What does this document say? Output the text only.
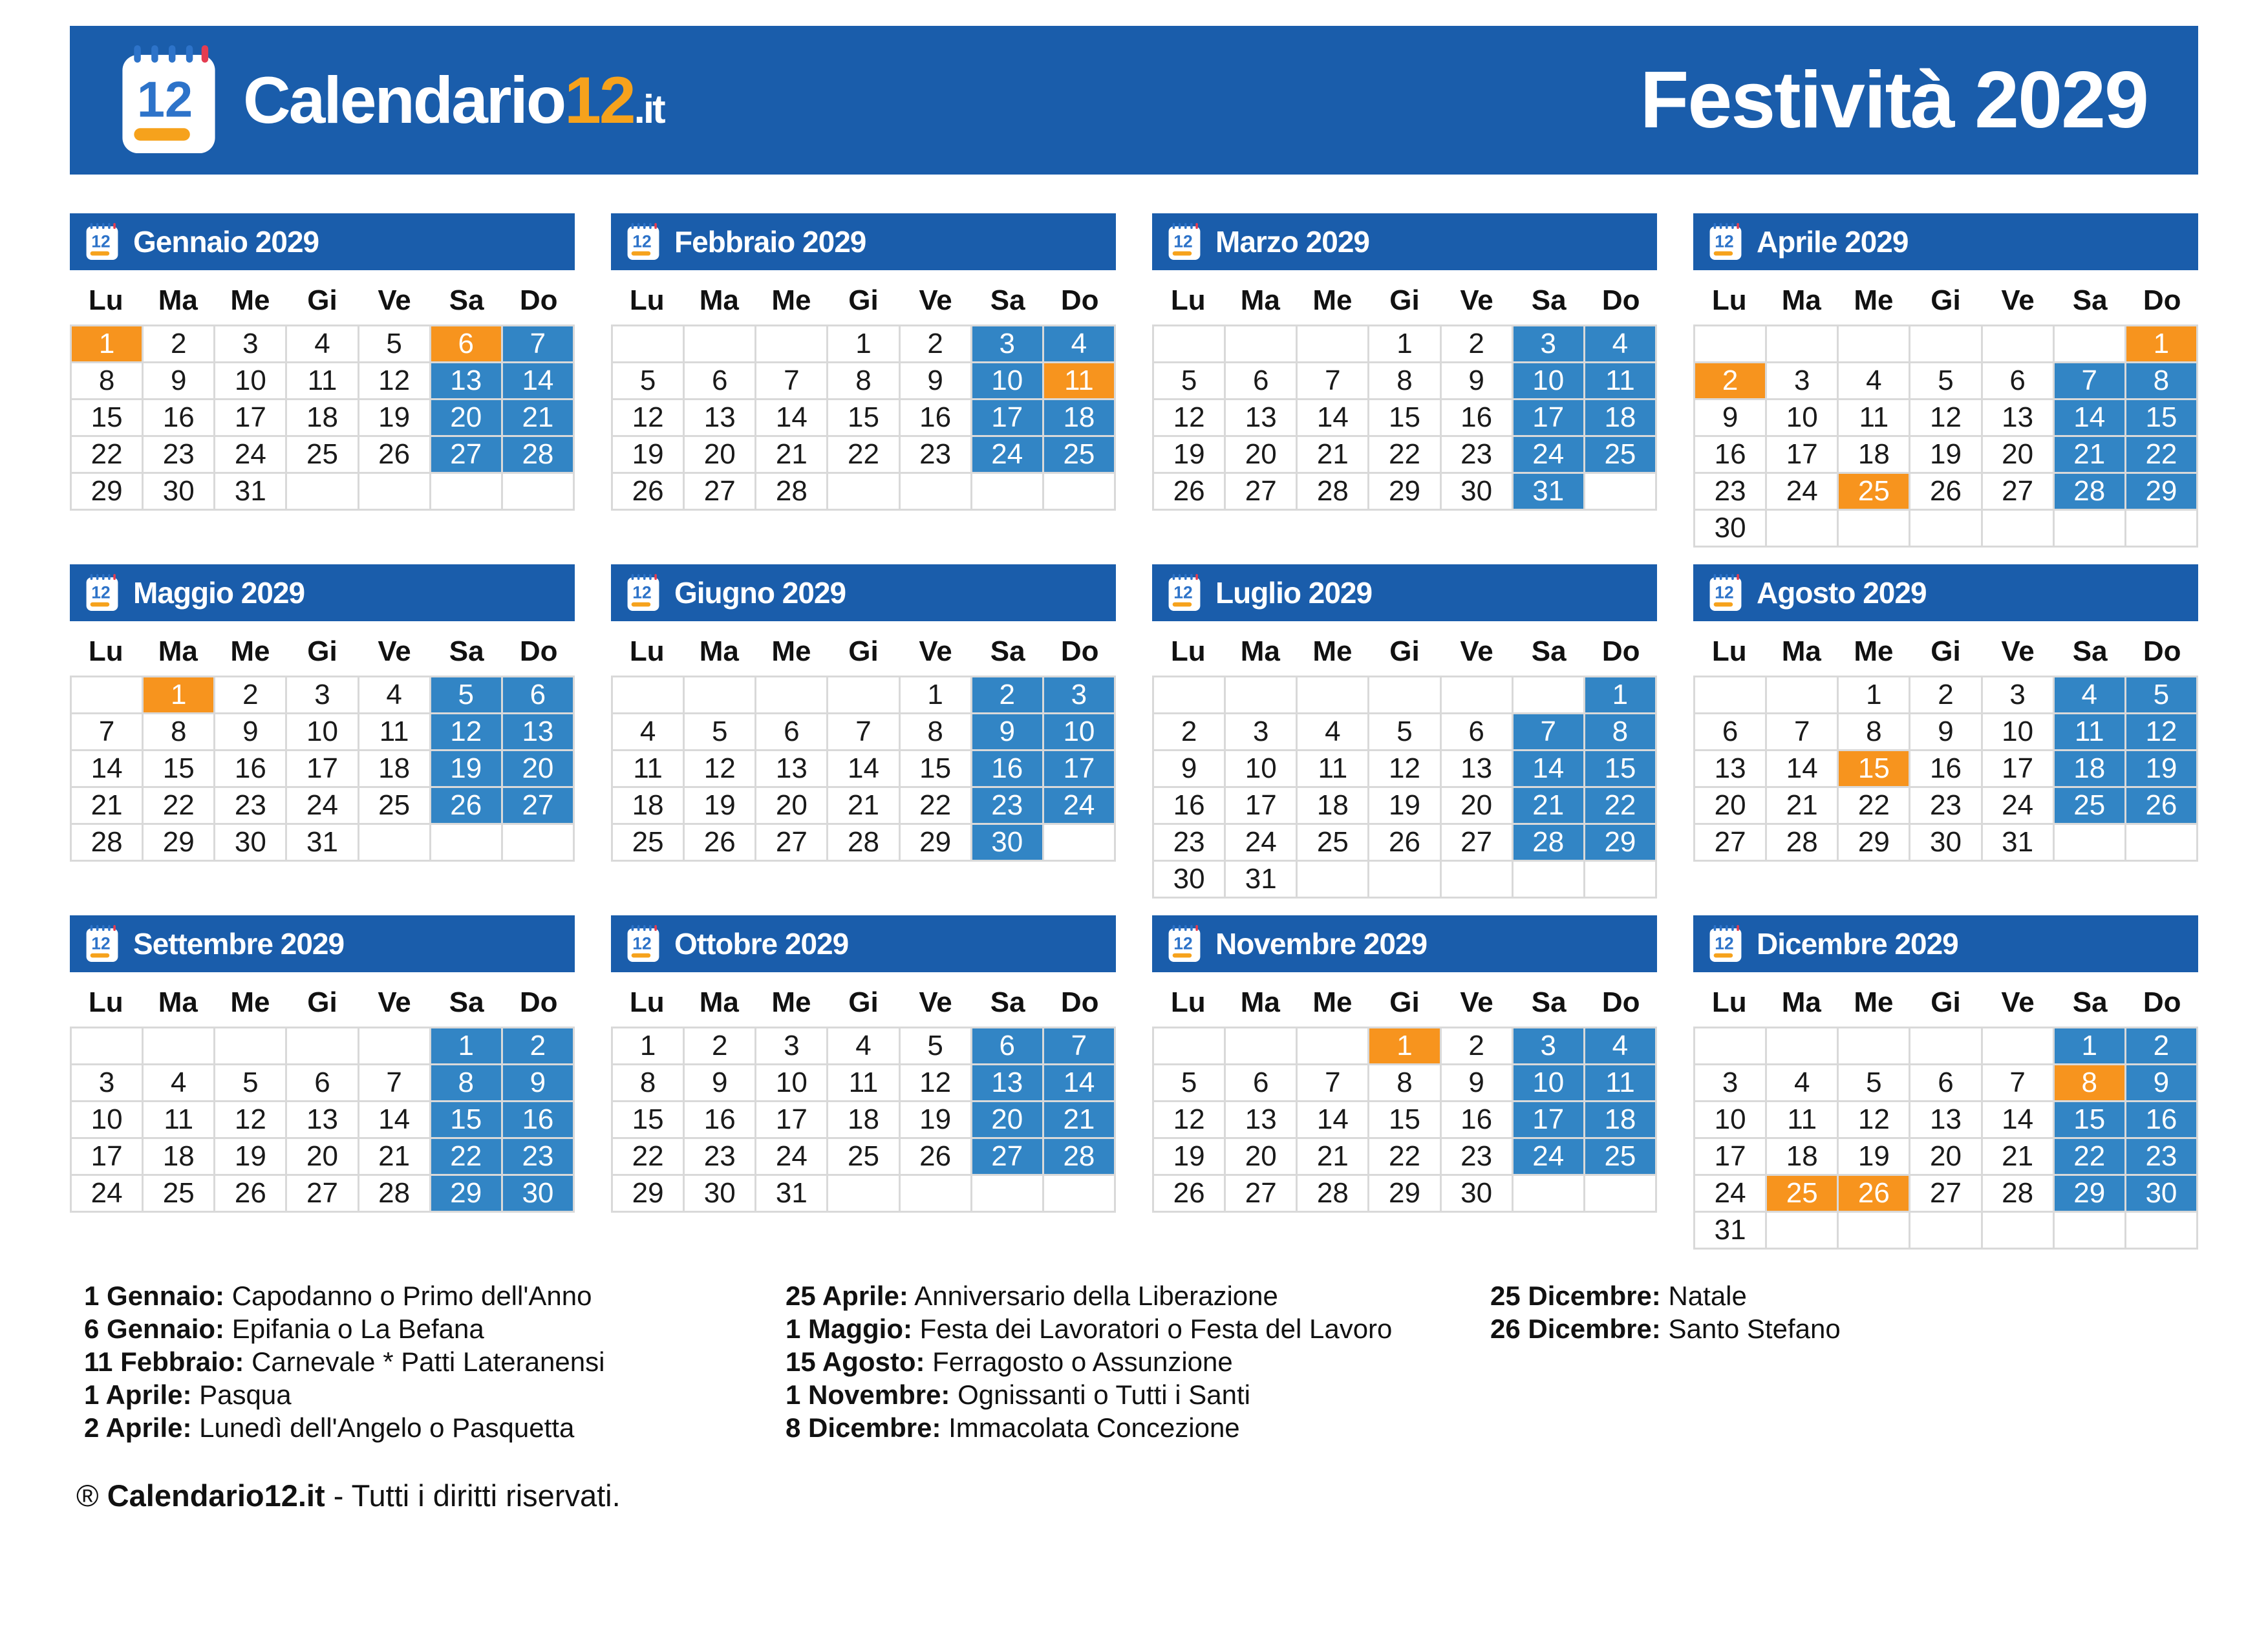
12 Calendario12.it	Festività 2029
12 Gennaio 2029
Lu	Ma	Me	Gi	Ve	Sa	Do
1	2	3	4	5	6	7
8	9	10	11	12	13	14
15	16	17	18	19	20	21
22	23	24	25	26	27	28
29	30	31				
12 Febbraio 2029
Lu	Ma	Me	Gi	Ve	Sa	Do
			1	2	3	4
5	6	7	8	9	10	11
12	13	14	15	16	17	18
19	20	21	22	23	24	25
26	27	28				
12 Marzo 2029
Lu	Ma	Me	Gi	Ve	Sa	Do
			1	2	3	4
5	6	7	8	9	10	11
12	13	14	15	16	17	18
19	20	21	22	23	24	25
26	27	28	29	30	31	
12 Aprile 2029
Lu	Ma	Me	Gi	Ve	Sa	Do
						1
2	3	4	5	6	7	8
9	10	11	12	13	14	15
16	17	18	19	20	21	22
23	24	25	26	27	28	29
30						
12 Maggio 2029
Lu	Ma	Me	Gi	Ve	Sa	Do
	1	2	3	4	5	6
7	8	9	10	11	12	13
14	15	16	17	18	19	20
21	22	23	24	25	26	27
28	29	30	31			
12 Giugno 2029
Lu	Ma	Me	Gi	Ve	Sa	Do
				1	2	3
4	5	6	7	8	9	10
11	12	13	14	15	16	17
18	19	20	21	22	23	24
25	26	27	28	29	30	
12 Luglio 2029
Lu	Ma	Me	Gi	Ve	Sa	Do
						1
2	3	4	5	6	7	8
9	10	11	12	13	14	15
16	17	18	19	20	21	22
23	24	25	26	27	28	29
30	31					
12 Agosto 2029
Lu	Ma	Me	Gi	Ve	Sa	Do
		1	2	3	4	5
6	7	8	9	10	11	12
13	14	15	16	17	18	19
20	21	22	23	24	25	26
27	28	29	30	31		
12 Settembre 2029
Lu	Ma	Me	Gi	Ve	Sa	Do
					1	2
3	4	5	6	7	8	9
10	11	12	13	14	15	16
17	18	19	20	21	22	23
24	25	26	27	28	29	30
12 Ottobre 2029
Lu	Ma	Me	Gi	Ve	Sa	Do
1	2	3	4	5	6	7
8	9	10	11	12	13	14
15	16	17	18	19	20	21
22	23	24	25	26	27	28
29	30	31				
12 Novembre 2029
Lu	Ma	Me	Gi	Ve	Sa	Do
			1	2	3	4
5	6	7	8	9	10	11
12	13	14	15	16	17	18
19	20	21	22	23	24	25
26	27	28	29	30		
12 Dicembre 2029
Lu	Ma	Me	Gi	Ve	Sa	Do
					1	2
3	4	5	6	7	8	9
10	11	12	13	14	15	16
17	18	19	20	21	22	23
24	25	26	27	28	29	30
31						
1 Gennaio: Capodanno o Primo dell'Anno
6 Gennaio: Epifania o La Befana
11 Febbraio: Carnevale * Patti Lateranensi
1 Aprile: Pasqua
2 Aprile: Lunedì dell'Angelo o Pasquetta
25 Aprile: Anniversario della Liberazione
1 Maggio: Festa dei Lavoratori o Festa del Lavoro
15 Agosto: Ferragosto o Assunzione
1 Novembre: Ognissanti o Tutti i Santi
8 Dicembre: Immacolata Concezione
25 Dicembre: Natale
26 Dicembre: Santo Stefano
® Calendario12.it - Tutti i diritti riservati.
